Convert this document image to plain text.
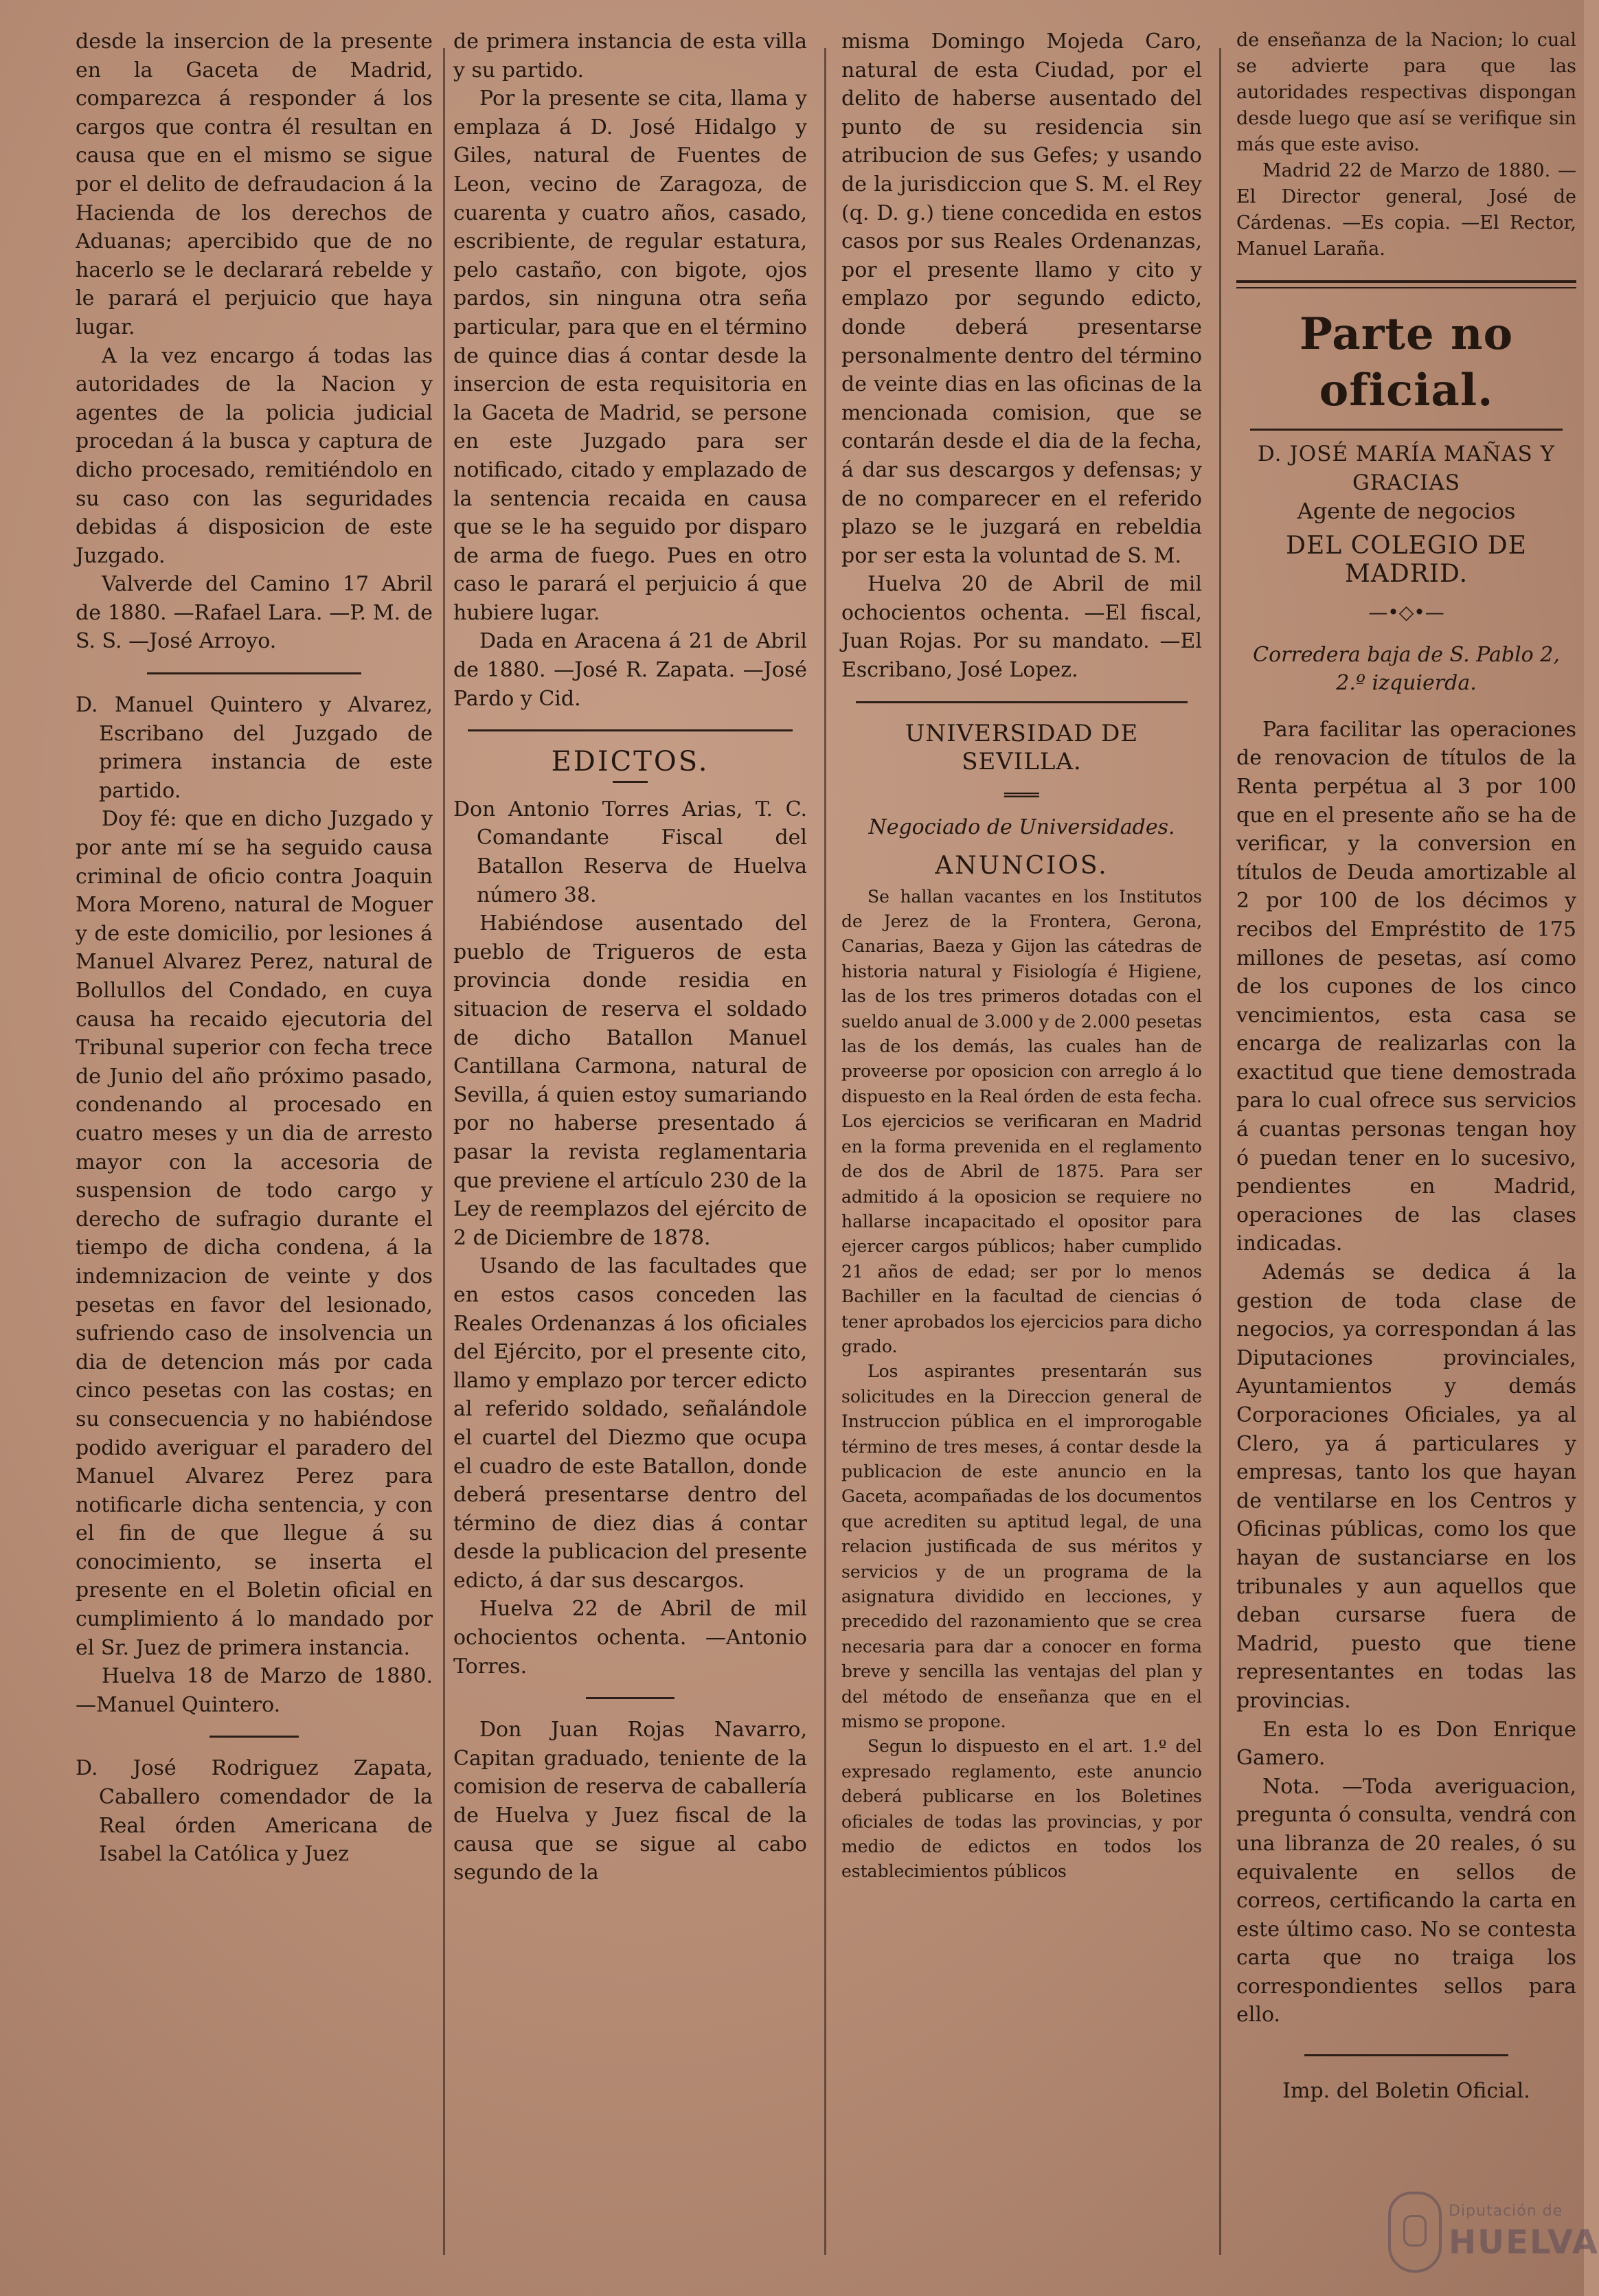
desde la insercion de la presente en la Gaceta de Madrid, comparezca á responder á los cargos que contra él resultan en causa que en el mismo se sigue por el delito de defraudacion á la Hacienda de los derechos de Aduanas; apercibido que de no hacerlo se le declarará rebelde y le parará el perjuicio que haya lugar.

A la vez encargo á todas las autoridades de la Nacion y agentes de la policia judicial procedan á la busca y captura de dicho procesado, remitiéndolo en su caso con las seguridades debidas á disposicion de este Juzgado.

Valverde del Camino 17 Abril de 1880. —Rafael Lara. —P. M. de S. S. —José Arroyo.

D. Manuel Quintero y Alvarez, Escribano del Juzgado de primera instancia de este partido.

Doy fé: que en dicho Juzgado y por ante mí se ha seguido causa criminal de oficio contra Joaquin Mora Moreno, natural de Moguer y de este domicilio, por lesiones á Manuel Alvarez Perez, natural de Bollullos del Condado, en cuya causa ha recaido ejecutoria del Tribunal superior con fecha trece de Junio del año próximo pasado, condenando al procesado en cuatro meses y un dia de arresto mayor con la accesoria de suspension de todo cargo y derecho de sufragio durante el tiempo de dicha condena, á la indemnizacion de veinte y dos pesetas en favor del lesionado, sufriendo caso de insolvencia un dia de detencion más por cada cinco pesetas con las costas; en su consecuencia y no habiéndose podido averiguar el paradero del Manuel Alvarez Perez para notificarle dicha sentencia, y con el fin de que llegue á su conocimiento, se inserta el presente en el Boletin oficial en cumplimiento á lo mandado por el Sr. Juez de primera instancia.

Huelva 18 de Marzo de 1880. —Manuel Quintero.

D. José Rodriguez Zapata, Caballero comendador de la Real órden Americana de Isabel la Católica y Juez

de primera instancia de esta villa y su partido.

Por la presente se cita, llama y emplaza á D. José Hidalgo y Giles, natural de Fuentes de Leon, vecino de Zaragoza, de cuarenta y cuatro años, casado, escribiente, de regular estatura, pelo castaño, con bigote, ojos pardos, sin ninguna otra seña particular, para que en el término de quince dias á contar desde la insercion de esta requisitoria en la Gaceta de Madrid, se persone en este Juzgado para ser notificado, citado y emplazado de la sentencia recaida en causa que se le ha seguido por disparo de arma de fuego. Pues en otro caso le parará el perjuicio á que hubiere lugar.

Dada en Aracena á 21 de Abril de 1880. —José R. Zapata. —José Pardo y Cid.

EDICTOS.

Don Antonio Torres Arias, T. C. Comandante Fiscal del Batallon Reserva de Huelva número 38.

Habiéndose ausentado del pueblo de Trigueros de esta provincia donde residia en situacion de reserva el soldado de dicho Batallon Manuel Cantillana Carmona, natural de Sevilla, á quien estoy sumariando por no haberse presentado á pasar la revista reglamentaria que previene el artículo 230 de la Ley de reemplazos del ejército de 2 de Diciembre de 1878.

Usando de las facultades que en estos casos conceden las Reales Ordenanzas á los oficiales del Ejército, por el presente cito, llamo y emplazo por tercer edicto al referido soldado, señalándole el cuartel del Diezmo que ocupa el cuadro de este Batallon, donde deberá presentarse dentro del término de diez dias á contar desde la publicacion del presente edicto, á dar sus descargos.

Huelva 22 de Abril de mil ochocientos ochenta. —Antonio Torres.

Don Juan Rojas Navarro, Capitan graduado, teniente de la comision de reserva de caballería de Huelva y Juez fiscal de la causa que se sigue al cabo segundo de la

misma Domingo Mojeda Caro, natural de esta Ciudad, por el delito de haberse ausentado del punto de su residencia sin atribucion de sus Gefes; y usando de la jurisdiccion que S. M. el Rey (q. D. g.) tiene concedida en estos casos por sus Reales Ordenanzas, por el presente llamo y cito y emplazo por segundo edicto, donde deberá presentarse personalmente dentro del término de veinte dias en las oficinas de la mencionada comision, que se contarán desde el dia de la fecha, á dar sus descargos y defensas; y de no comparecer en el referido plazo se le juzgará en rebeldia por ser esta la voluntad de S. M.

Huelva 20 de Abril de mil ochocientos ochenta. —El fiscal, Juan Rojas. Por su mandato. —El Escribano, José Lopez.

UNIVERSIDAD DE SEVILLA.
═══
Negociado de Universidades.
ANUNCIOS.

Se hallan vacantes en los Institutos de Jerez de la Frontera, Gerona, Canarias, Baeza y Gijon las cátedras de historia natural y Fisiología é Higiene, las de los tres primeros dotadas con el sueldo anual de 3.000 y de 2.000 pesetas las de los demás, las cuales han de proveerse por oposicion con arreglo á lo dispuesto en la Real órden de esta fecha. Los ejercicios se verificaran en Madrid en la forma prevenida en el reglamento de dos de Abril de 1875. Para ser admitido á la oposicion se requiere no hallarse incapacitado el opositor para ejercer cargos públicos; haber cumplido 21 años de edad; ser por lo menos Bachiller en la facultad de ciencias ó tener aprobados los ejercicios para dicho grado.

Los aspirantes presentarán sus solicitudes en la Direccion general de Instruccion pública en el improrogable término de tres meses, á contar desde la publicacion de este anuncio en la Gaceta, acompañadas de los documentos que acrediten su aptitud legal, de una relacion justificada de sus méritos y servicios y de un programa de la asignatura dividido en lecciones, y precedido del razonamiento que se crea necesaria para dar a conocer en forma breve y sencilla las ventajas del plan y del método de enseñanza que en el mismo se propone.

Segun lo dispuesto en el art. 1.º del expresado reglamento, este anuncio deberá publicarse en los Boletines oficiales de todas las provincias, y por medio de edictos en todos los establecimientos públicos

de enseñanza de la Nacion; lo cual se advierte para que las autoridades respectivas dispongan desde luego que así se verifique sin más que este aviso.

Madrid 22 de Marzo de 1880. —El Director general, José de Cárdenas. —Es copia. —El Rector, Manuel Laraña.

Parte no oficial.
D. JOSÉ MARÍA MAÑAS Y GRACIAS
Agente de negocios
DEL COLEGIO DE MADRID.
—•◇•—
Corredera baja de S. Pablo 2, 2.º izquierda.

Para facilitar las operaciones de renovacion de títulos de la Renta perpétua al 3 por 100 que en el presente año se ha de verificar, y la conversion en títulos de Deuda amortizable al 2 por 100 de los décimos y recibos del Empréstito de 175 millones de pesetas, así como de los cupones de los cinco vencimientos, esta casa se encarga de realizarlas con la exactitud que tiene demostrada para lo cual ofrece sus servicios á cuantas personas tengan hoy ó puedan tener en lo sucesivo, pendientes en Madrid, operaciones de las clases indicadas.

Además se dedica á la gestion de toda clase de negocios, ya correspondan á las Diputaciones provinciales, Ayuntamientos y demás Corporaciones Oficiales, ya al Clero, ya á particulares y empresas, tanto los que hayan de ventilarse en los Centros y Oficinas públicas, como los que hayan de sustanciarse en los tribunales y aun aquellos que deban cursarse fuera de Madrid, puesto que tiene representantes en todas las provincias.

En esta lo es Don Enrique Gamero.

Nota. —Toda averiguacion, pregunta ó consulta, vendrá con una libranza de 20 reales, ó su equivalente en sellos de correos, certificando la carta en este último caso. No se contesta carta que no traiga los correspondientes sellos para ello.

Imp. del Boletin Oficial.
Diputación de
HUELVA
